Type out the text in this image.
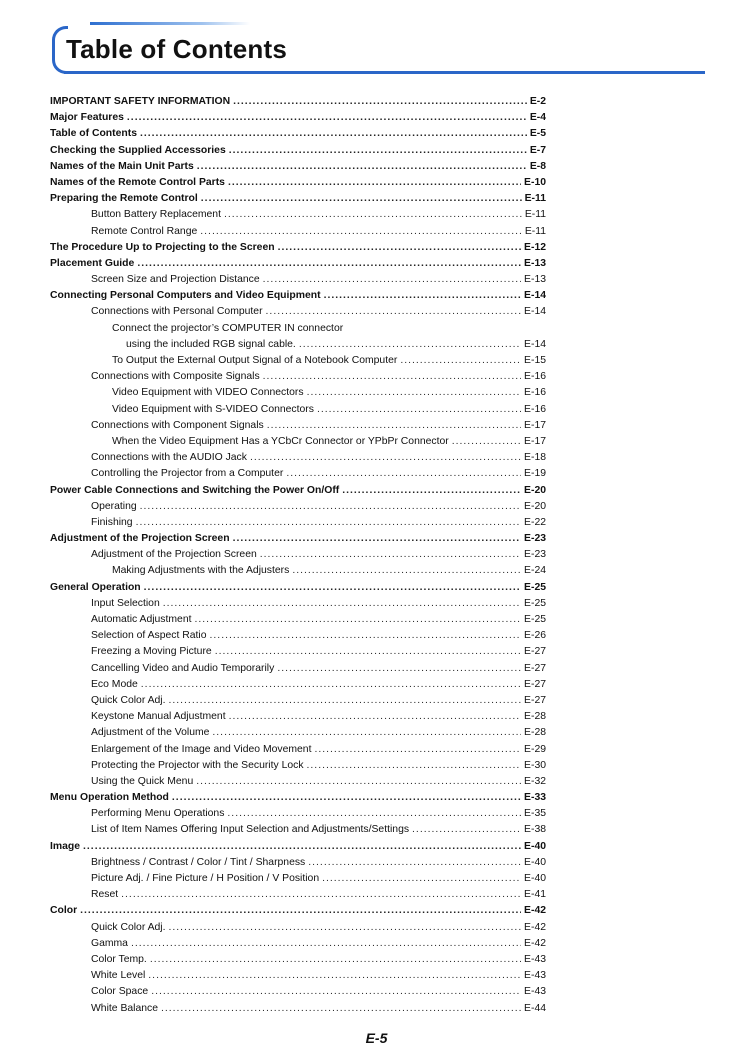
Table of Contents
IMPORTANT SAFETY INFORMATION .....	E-2
Major Features .....	E-4
Table of Contents .....	E-5
Checking the Supplied Accessories .....	E-7
Names of the Main Unit Parts .....	E-8
Names of the Remote Control Parts .....	E-10
Preparing the Remote Control .....	E-11
Button Battery Replacement .....	E-11
Remote Control Range .....	E-11
The Procedure Up to Projecting to the Screen .....	E-12
Placement Guide .....	E-13
Screen Size and Projection Distance .....	E-13
Connecting Personal Computers and Video Equipment .....	E-14
Connections with Personal Computer .....	E-14
Connect the projector’s COMPUTER IN connector
using the included RGB signal cable. .....	E-14
To Output the External Output Signal of a Notebook Computer .....	E-15
Connections with Composite Signals .....	E-16
Video Equipment with VIDEO Connectors .....	E-16
Video Equipment with S-VIDEO Connectors .....	E-16
Connections with Component Signals .....	E-17
When the Video Equipment Has a YCbCr Connector or YPbPr Connector .....	E-17
Connections with the AUDIO Jack .....	E-18
Controlling the Projector from a Computer .....	E-19
Power Cable Connections and Switching the Power On/Off .....	E-20
Operating .....	E-20
Finishing .....	E-22
Adjustment of the Projection Screen .....	E-23
Adjustment of the Projection Screen .....	E-23
Making Adjustments with the Adjusters .....	E-24
General Operation .....	E-25
Input Selection .....	E-25
Automatic Adjustment .....	E-25
Selection of Aspect Ratio .....	E-26
Freezing a Moving Picture .....	E-27
Cancelling Video and Audio Temporarily .....	E-27
Eco Mode .....	E-27
Quick Color Adj. .....	E-27
Keystone Manual Adjustment .....	E-28
Adjustment of the Volume .....	E-28
Enlargement of the Image and Video Movement .....	E-29
Protecting the Projector with the Security Lock .....	E-30
Using the Quick Menu .....	E-32
Menu Operation Method .....	E-33
Performing Menu Operations .....	E-35
List of Item Names Offering Input Selection and Adjustments/Settings .....	E-38
Image .....	E-40
Brightness / Contrast / Color / Tint / Sharpness .....	E-40
Picture Adj. / Fine Picture / H Position / V Position .....	E-40
Reset .....	E-41
Color .....	E-42
Quick Color Adj. .....	E-42
Gamma .....	E-42
Color Temp. .....	E-43
White Level .....	E-43
Color Space .....	E-43
White Balance .....	E-44
E-5
